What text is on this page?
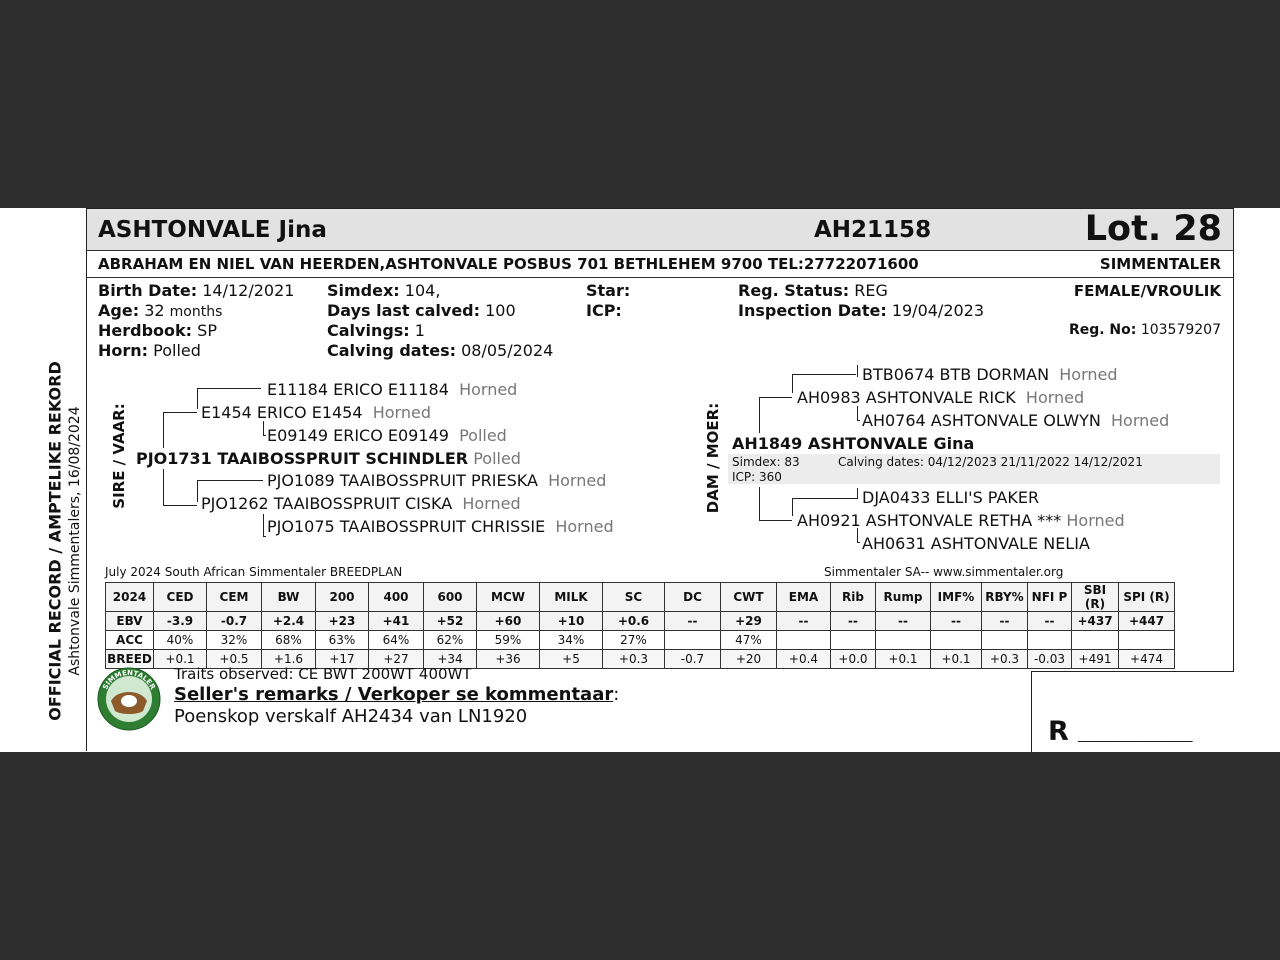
ASHTONVALE Jina	AH21158	Lot. 28
ABRAHAM EN NIEL VAN HEERDEN,ASHTONVALE POSBUS 701 BETHLEHEM 9700 TEL:27722071600	SIMMENTALER
OFFICIAL RECORD / AMPTELIKE REKORD Ashtonvale Simmentalers, 16/08/2024
Birth Date: 14/12/2021
Age: 32 months
Herdbook: SP
Horn: Polled
Simdex: 104,
Days last calved: 100
Calvings: 1
Calving dates: 08/05/2024
Star:
ICP:
Reg. Status: REG
Inspection Date: 19/04/2023
FEMALE/VROULIK
Reg. No: 103579207
SIRE / VAAR:
E11184 ERICO E11184 Horned
E1454 ERICO E1454 Horned
E09149 ERICO E09149 Polled
PJO1731 TAAIBOSSPRUIT SCHINDLER Polled
PJO1089 TAAIBOSSPRUIT PRIESKA Horned
PJO1262 TAAIBOSSPRUIT CISKA Horned
PJO1075 TAAIBOSSPRUIT CHRISSIE Horned
DAM / MOER:
BTB0674 BTB DORMAN Horned
AH0983 ASHTONVALE RICK Horned
AH0764 ASHTONVALE OLWYN Horned
AH1849 ASHTONVALE Gina
Simdex: 83	Calving dates: 04/12/2023 21/11/2022 14/12/2021
ICP: 360
DJA0433 ELLI'S PAKER
AH0921 ASHTONVALE RETHA *** Horned
AH0631 ASHTONVALE NELIA
July 2024 South African Simmentaler BREEDPLAN	Simmentaler SA-- www.simmentaler.org
2024	CED	CEM	BW	200	400	600	MCW	MILK	SC	DC	CWT	EMA	Rib	Rump	IMF%	RBY%	NFI P	SBI (R)	SPI (R)
EBV	-3.9	-0.7	+2.4	+23	+41	+52	+60	+10	+0.6	--	+29	--	--	--	--	--	--	+437	+447
ACC	40%	32%	68%	63%	64%	62%	59%	34%	27%		47%								
BREED	+0.1	+0.5	+1.6	+17	+27	+34	+36	+5	+0.3	-0.7	+20	+0.4	+0.0	+0.1	+0.1	+0.3	-0.03	+491	+474
SIMMENTALER
Traits observed: CE BWT 200WT 400WT
Seller's remarks / Verkoper se kommentaar:
Poenskop verskalf AH2434 van LN1920	R ___________________
